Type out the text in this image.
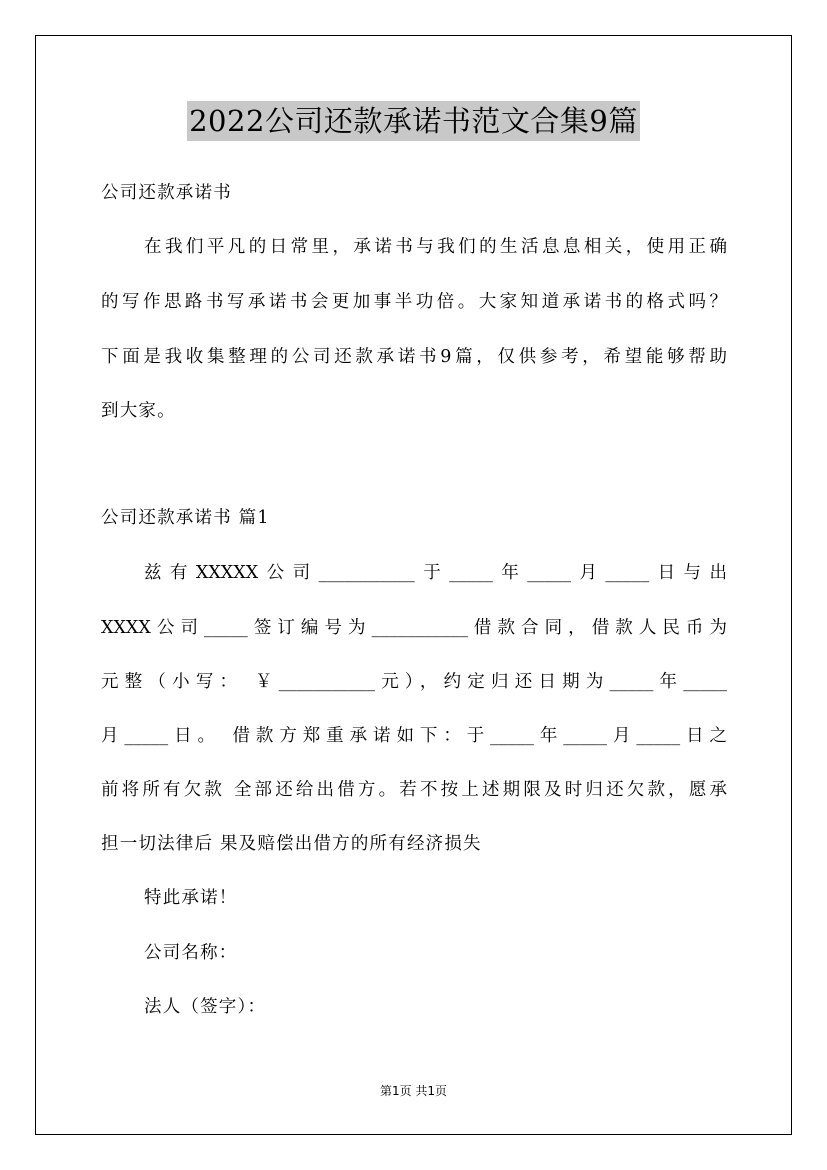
2022公司还款承诺书范文合集9篇
公司还款承诺书
在我们平凡的日常里，承诺书与我们的生活息息相关，使用正确
的写作思路书写承诺书会更加事半功倍。大家知道承诺书的格式吗？
下面是我收集整理的公司还款承诺书9篇，仅供参考，希望能够帮助
到大家。
公司还款承诺书 篇1
兹有XXXXX公司___________于_____年_____月_____日与出
XXXX公司_____签订编号为___________借款合同，借款人民币为
元整（小写： ￥___________元），约定归还日期为_____年_____
月_____日。 借款方郑重承诺如下：于_____年_____月_____日之
前将所有欠款 全部还给出借方。若不按上述期限及时归还欠款，愿承
担一切法律后 果及赔偿出借方的所有经济损失
特此承诺！
公司名称：
法人（签字）：
第1页 共1页
